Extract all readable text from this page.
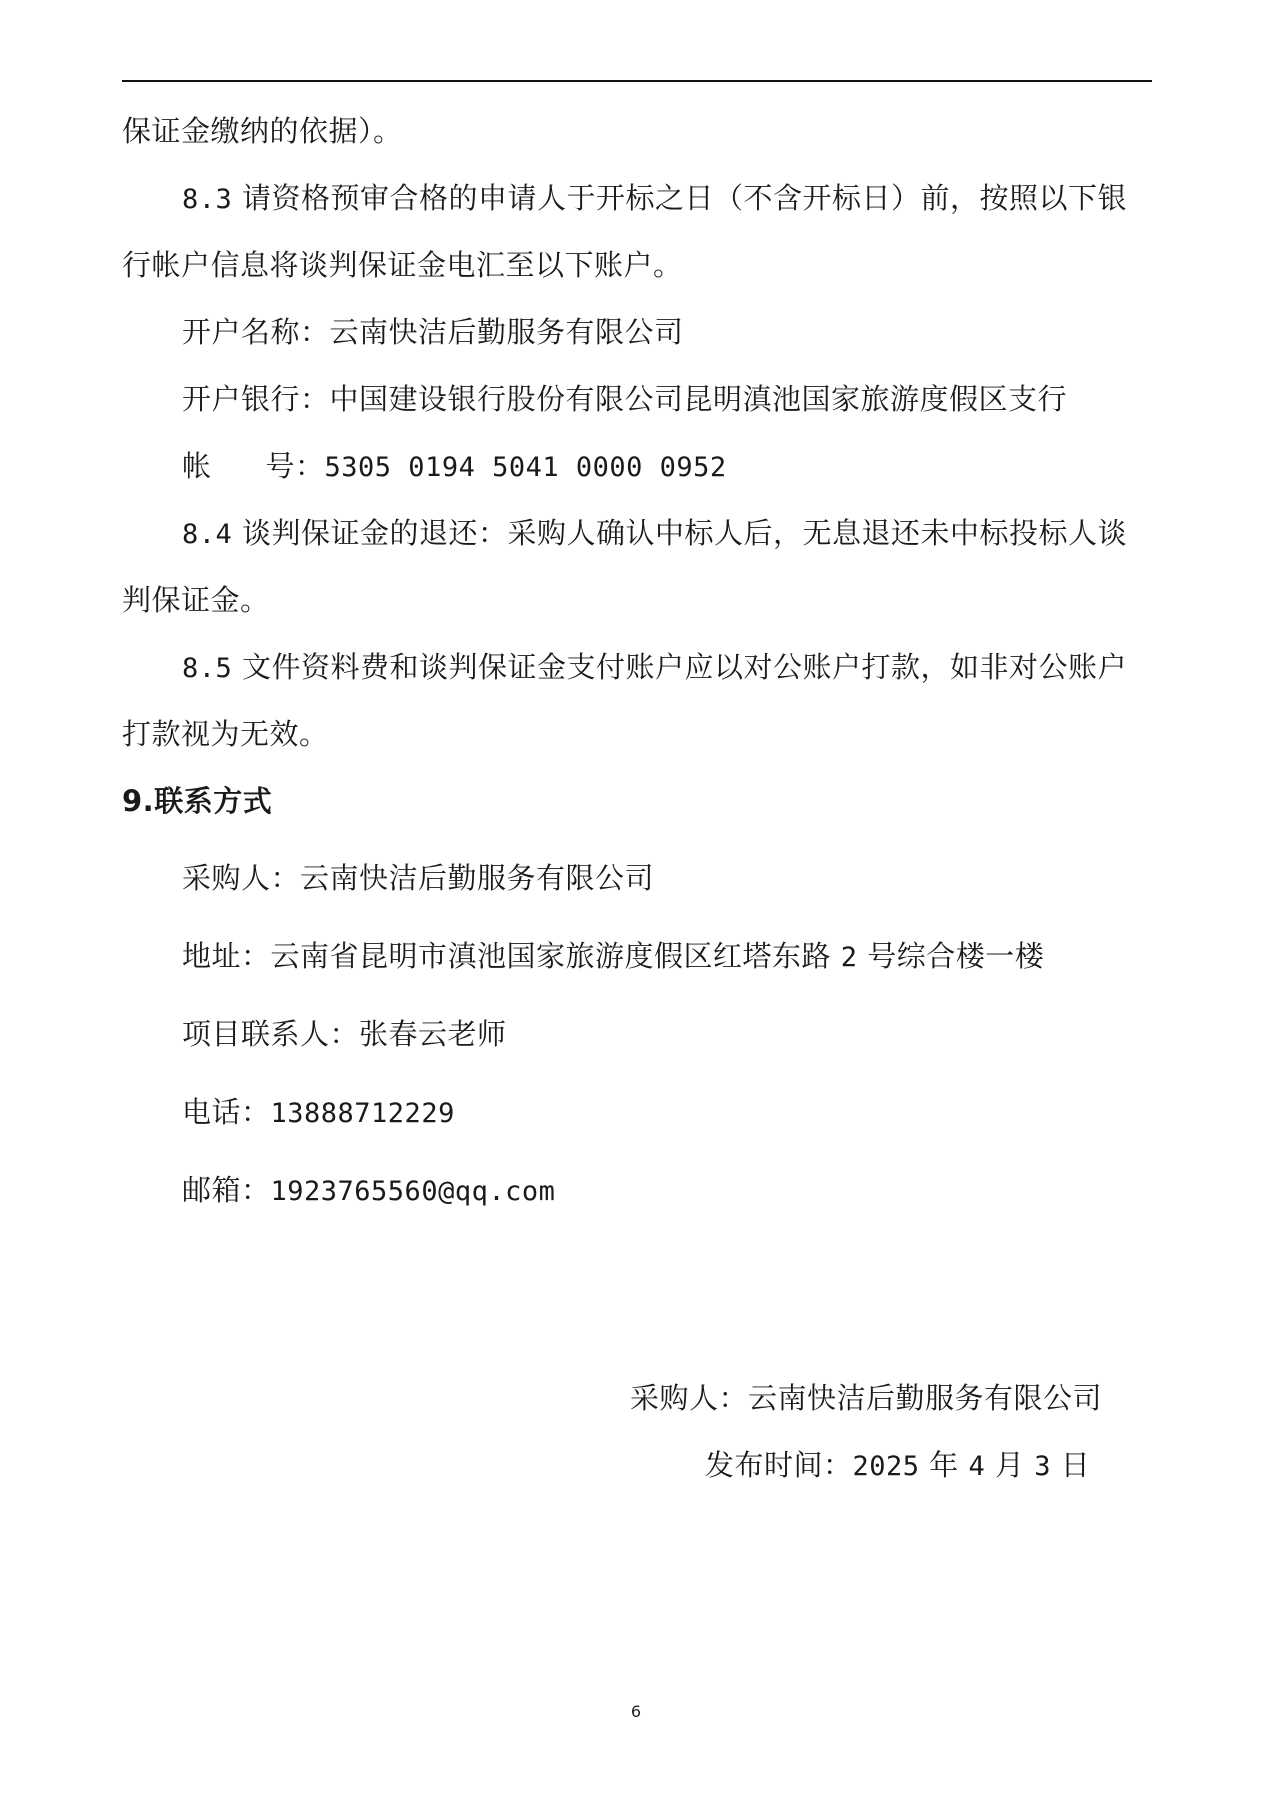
保证金缴纳的依据）。
8.3 请资格预审合格的申请人于开标之日（不含开标日）前，按照以下银
行帐户信息将谈判保证金电汇至以下账户。
开户名称：云南快洁后勤服务有限公司
开户银行：中国建设银行股份有限公司昆明滇池国家旅游度假区支行
帐 号：5305 0194 5041 0000 0952
8.4 谈判保证金的退还：采购人确认中标人后，无息退还未中标投标人谈
判保证金。
8.5 文件资料费和谈判保证金支付账户应以对公账户打款，如非对公账户
打款视为无效。
9.联系方式
采购人：云南快洁后勤服务有限公司
地址：云南省昆明市滇池国家旅游度假区红塔东路 2 号综合楼一楼
项目联系人：张春云老师
电话：13888712229
邮箱：1923765560@qq.com
采购人：云南快洁后勤服务有限公司
发布时间：2025 年 4 月 3 日
6
